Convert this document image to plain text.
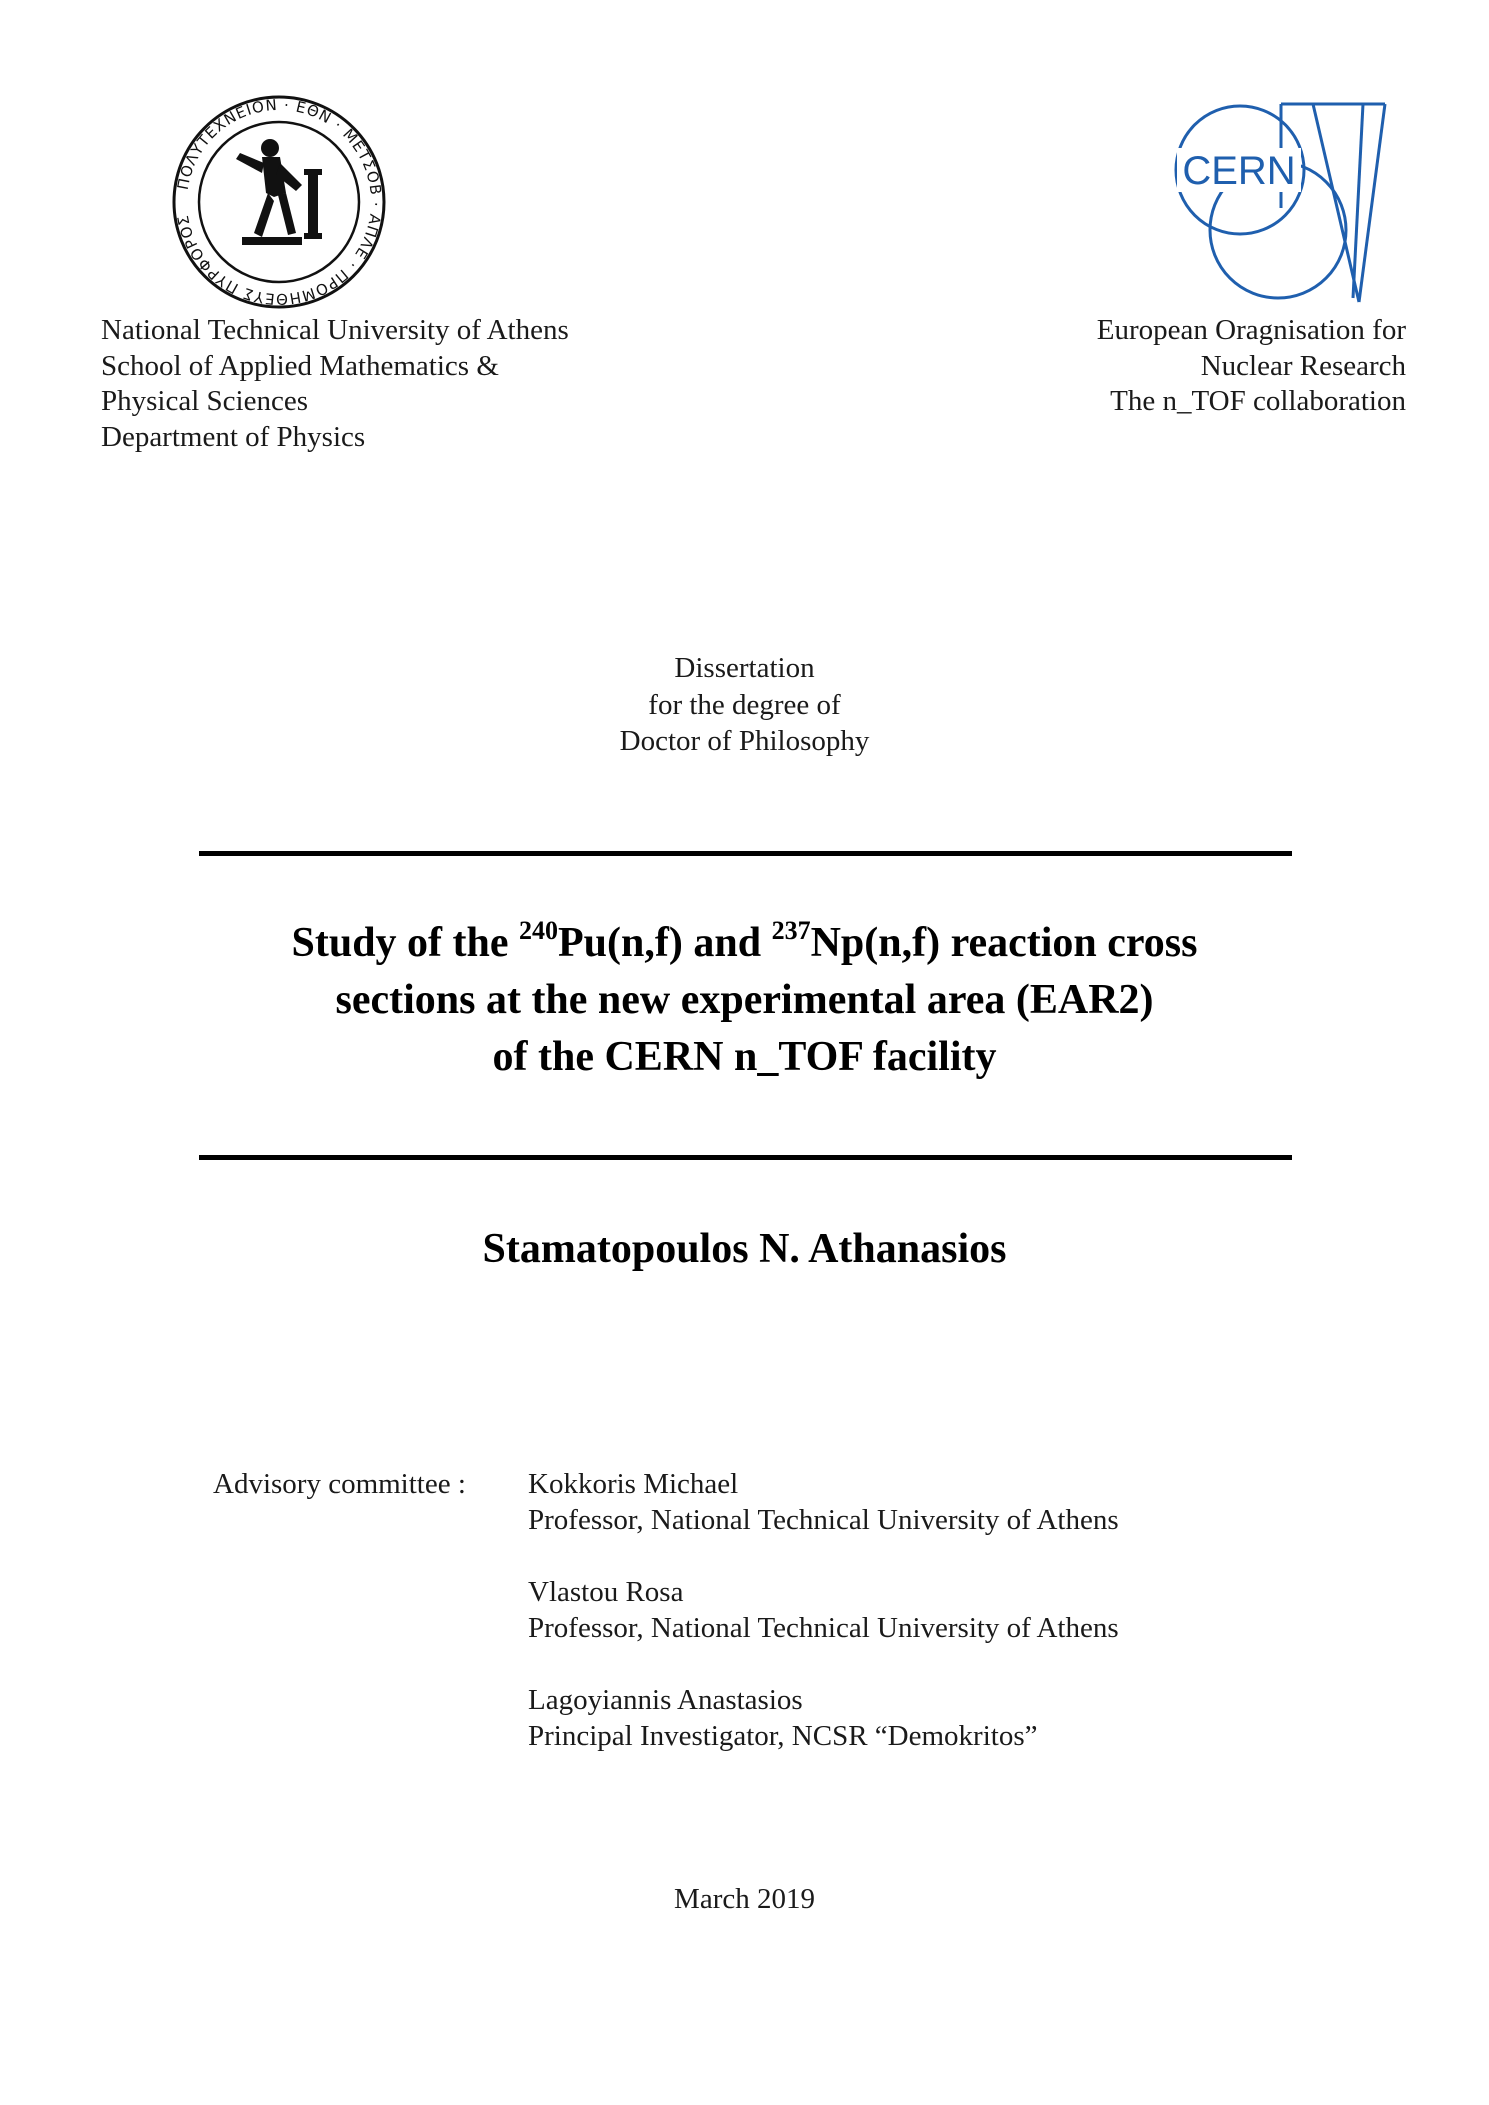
ΠΟΛΥΤΕΧΝΕΙΟΝ · ΕΘΝ · ΜΕΤΣΟΒ · ΑΠΛΕ · ΠΡΟΜΗΘΕΥΣ ΠΥΡΦΟΡΟΣ
CERN
National Technical University of Athens
School of Applied Mathematics &
Physical Sciences
Department of Physics
European Oragnisation for
Nuclear Research
The n_TOF collaboration
Dissertation
for the degree of
Doctor of Philosophy
Study of the $^{240}$Pu(n,f) and $^{237}$Np(n,f) reaction cross
sections at the new experimental area (EAR2)
of the CERN n_TOF facility
Stamatopoulos N. Athanasios
Advisory committee : Kokkoris Michael
Professor, National Technical University of Athens
Vlastou Rosa
Professor, National Technical University of Athens
Lagoyiannis Anastasios
Principal Investigator, NCSR “Demokritos”
March 2019
